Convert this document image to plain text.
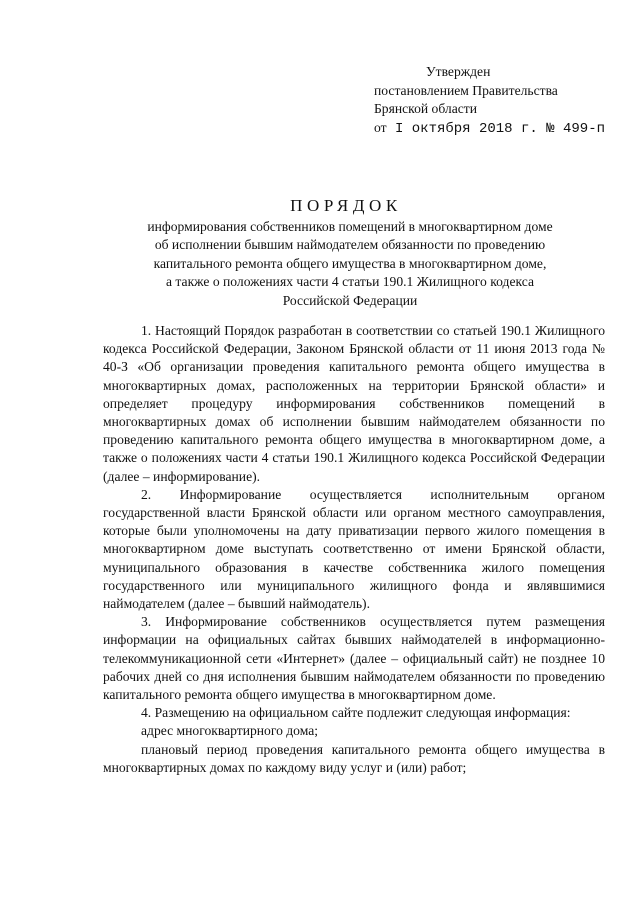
Утвержден
постановлением Правительства
Брянской области
от I октября 2018 г. № 499-п
ПОРЯДОК
информирования собственников помещений в многоквартирном доме
об исполнении бывшим наймодателем обязанности по проведению
капитального ремонта общего имущества в многоквартирном доме,
а также о положениях части 4 статьи 190.1 Жилищного кодекса
Российской Федерации

1. Настоящий Порядок разработан в соответствии со статьей 190.1 Жилищного кодекса Российской Федерации, Законом Брянской области от 11 июня 2013 года № 40-З «Об организации проведения капитального ремонта общего имущества в многоквартирных домах, расположенных на территории Брянской области» и определяет процедуру информирования собственников помещений в многоквартирных домах об исполнении бывшим наймодателем обязанности по проведению капитального ремонта общего имущества в многоквартирном доме, а также о положениях части 4 статьи 190.1 Жилищного кодекса Российской Федерации (далее – информирование).

2. Информирование осуществляется исполнительным органом государственной власти Брянской области или органом местного самоуправления, которые были уполномочены на дату приватизации первого жилого помещения в многоквартирном доме выступать соответственно от имени Брянской области, муниципального образования в качестве собственника жилого помещения государственного или муниципального жилищного фонда и являвшимися наймодателем (далее – бывший наймодатель).

3. Информирование собственников осуществляется путем размещения информации на официальных сайтах бывших наймодателей в информационно-телекоммуникационной сети «Интернет» (далее – официальный сайт) не позднее 10 рабочих дней со дня исполнения бывшим наймодателем обязанности по проведению капитального ремонта общего имущества в многоквартирном доме.

4. Размещению на официальном сайте подлежит следующая информация:

адрес многоквартирного дома;

плановый период проведения капитального ремонта общего имущества в многоквартирных домах по каждому виду услуг и (или) работ;
